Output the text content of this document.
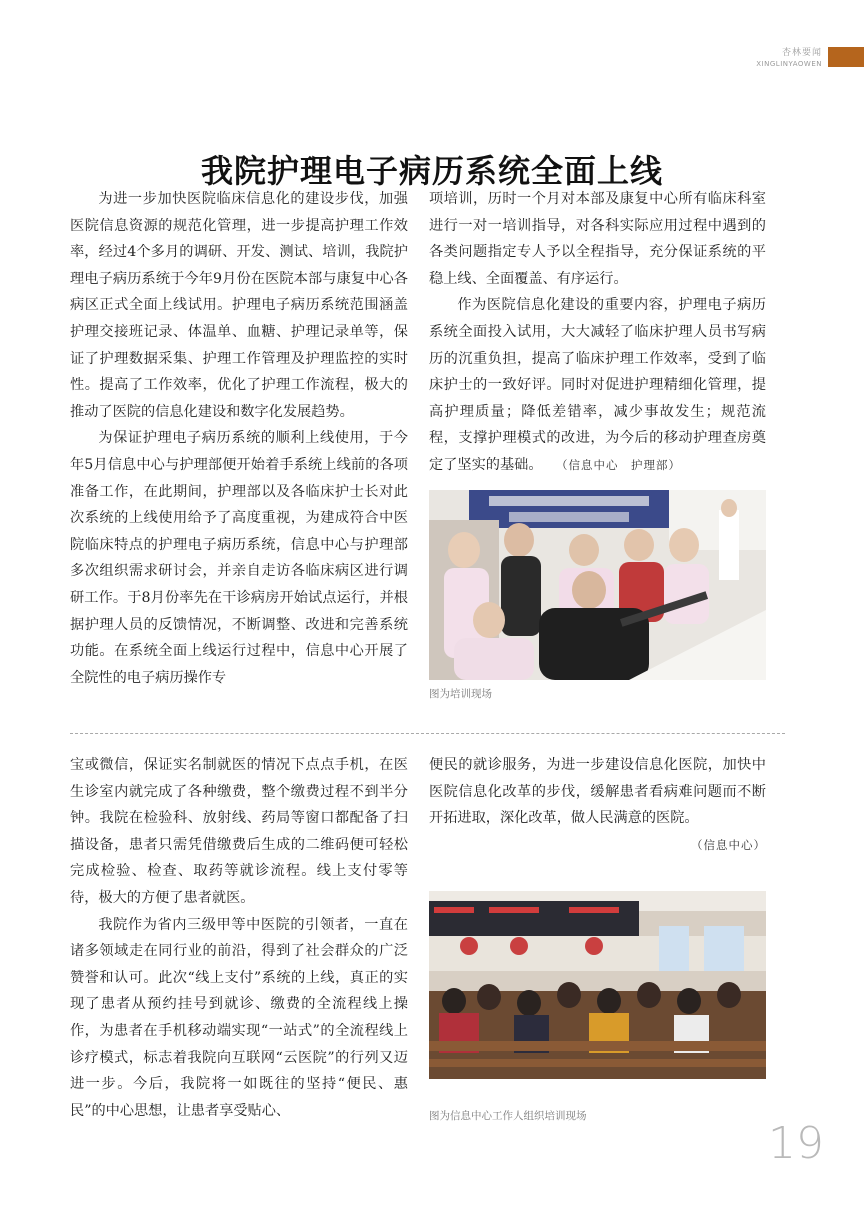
杏林要闻
XINGLINYAOWEN
我院护理电子病历系统全面上线

为进一步加快医院临床信息化的建设步伐，加强医院信息资源的规范化管理，进一步提高护理工作效率，经过4个多月的调研、开发、测试、培训，我院护理电子病历系统于今年9月份在医院本部与康复中心各病区正式全面上线试用。护理电子病历系统范围涵盖护理交接班记录、体温单、血糖、护理记录单等，保证了护理数据采集、护理工作管理及护理监控的实时性。提高了工作效率，优化了护理工作流程，极大的推动了医院的信息化建设和数字化发展趋势。

为保证护理电子病历系统的顺利上线使用，于今年5月信息中心与护理部便开始着手系统上线前的各项准备工作，在此期间，护理部以及各临床护士长对此次系统的上线使用给予了高度重视，为建成符合中医院临床特点的护理电子病历系统，信息中心与护理部多次组织需求研讨会，并亲自走访各临床病区进行调研工作。于8月份率先在干诊病房开始试点运行，并根据护理人员的反馈情况，不断调整、改进和完善系统功能。在系统全面上线运行过程中，信息中心开展了全院性的电子病历操作专

项培训，历时一个月对本部及康复中心所有临床科室进行一对一培训指导，对各科实际应用过程中遇到的各类问题指定专人予以全程指导，充分保证系统的平稳上线、全面覆盖、有序运行。

作为医院信息化建设的重要内容，护理电子病历系统全面投入试用，大大减轻了临床护理人员书写病历的沉重负担，提高了临床护理工作效率，受到了临床护士的一致好评。同时对促进护理精细化管理，提高护理质量；降低差错率，减少事故发生；规范流程，支撑护理模式的改进，为今后的移动护理查房奠定了坚实的基础。 （信息中心　护理部）

图为培训现场

宝或微信，保证实名制就医的情况下点点手机，在医生诊室内就完成了各种缴费，整个缴费过程不到半分钟。我院在检验科、放射线、药局等窗口都配备了扫描设备，患者只需凭借缴费后生成的二维码便可轻松完成检验、检查、取药等就诊流程。线上支付零等待，极大的方便了患者就医。

我院作为省内三级甲等中医院的引领者，一直在诸多领域走在同行业的前沿，得到了社会群众的广泛赞誉和认可。此次“线上支付”系统的上线，真正的实现了患者从预约挂号到就诊、缴费的全流程线上操作，为患者在手机移动端实现“一站式”的全流程线上诊疗模式，标志着我院向互联网“云医院”的行列又迈进一步。今后，我院将一如既往的坚持“便民、惠民”的中心思想，让患者享受贴心、

便民的就诊服务，为进一步建设信息化医院，加快中医院信息化改革的步伐，缓解患者看病难问题而不断开拓进取，深化改革，做人民满意的医院。

（信息中心）

图为信息中心工作人组织培训现场
19
